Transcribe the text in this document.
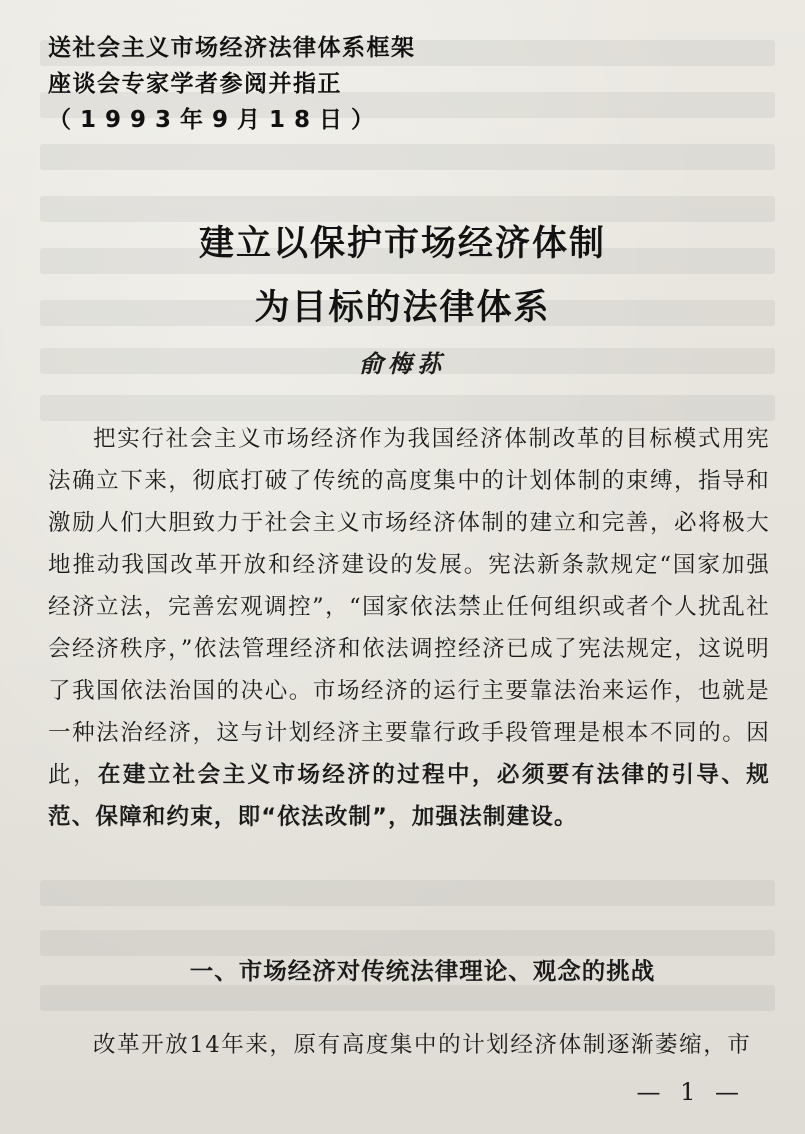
送社会主义市场经济法律体系框架
座谈会专家学者参阅并指正
（1993年9月18日）
建立以保护市场经济体制
为目标的法律体系
俞梅荪
把实行社会主义市场经济作为我国经济体制改革的目标模式用宪法确立下来，彻底打破了传统的高度集中的计划体制的束缚，指导和激励人们大胆致力于社会主义市场经济体制的建立和完善，必将极大地推动我国改革开放和经济建设的发展。宪法新条款规定“国家加强经济立法，完善宏观调控”，“国家依法禁止任何组织或者个人扰乱社会经济秩序，”依法管理经济和依法调控经济已成了宪法规定，这说明了我国依法治国的决心。市场经济的运行主要靠法治来运作，也就是一种法治经济，这与计划经济主要靠行政手段管理是根本不同的。因此，在建立社会主义市场经济的过程中，必须要有法律的引导、规范、保障和约束，即“依法改制”，加强法制建设。
一、市场经济对传统法律理论、观念的挑战
改革开放14年来，原有高度集中的计划经济体制逐渐萎缩，市
— 1 —
